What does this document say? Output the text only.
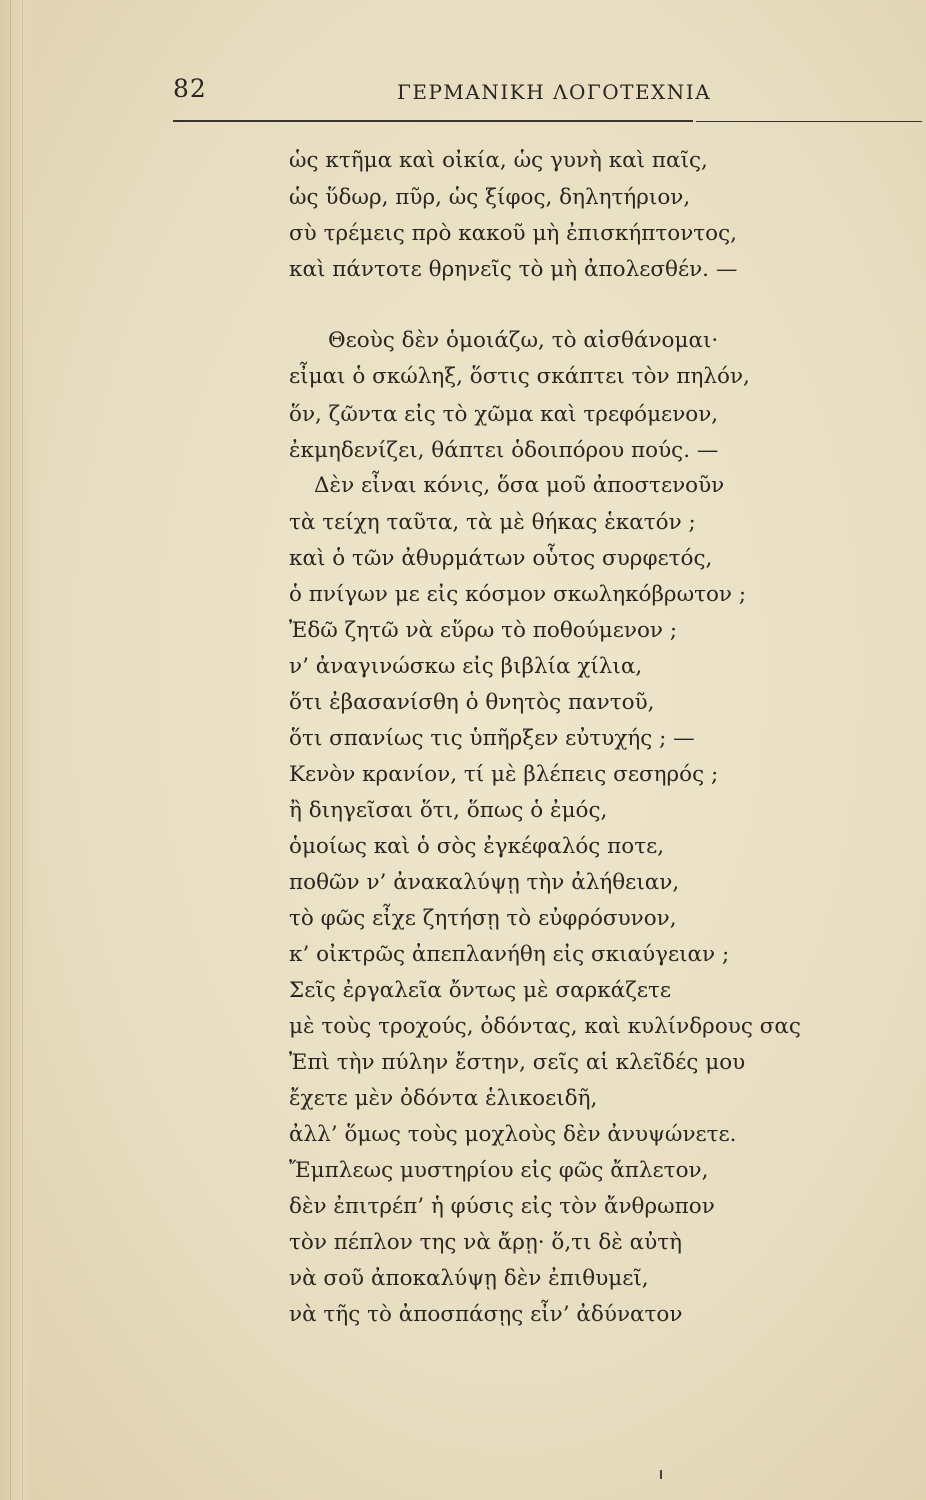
82	ΓΕΡΜΑΝΙΚΗ ΛΟΓΟΤΕΧΝΙΑ
ὡς κτῆμα καὶ οἰκία, ὡς γυνὴ καὶ παῖς,
ὡς ὕδωρ, πῦρ, ὡς ξίφος, δηλητήριον,
σὺ τρέμεις πρὸ κακοῦ μὴ ἐπισκήπτοντος,
καὶ πάντοτε θρηνεῖς τὸ μὴ ἀπολεσθέν. —
Θεοὺς δὲν ὁμοιάζω, τὸ αἰσθάνομαι·
εἶμαι ὁ σκώληξ, ὅστις σκάπτει τὸν πηλόν,
ὅν, ζῶντα εἰς τὸ χῶμα καὶ τρεφόμενον,
ἐκμηδενίζει, θάπτει ὁδοιπόρου πούς. —
Δὲν εἶναι κόνις, ὅσα μοῦ ἀποστενοῦν
τὰ τείχη ταῦτα, τὰ μὲ θήκας ἑκατόν ;
καὶ ὁ τῶν ἀθυρμάτων οὗτος συρφετός,
ὁ πνίγων με εἰς κόσμον σκωληκόβρωτον ;
Ἐδῶ ζητῶ νὰ εὕρω τὸ ποθούμενον ;
ν’ ἀναγινώσκω εἰς βιβλία χίλια,
ὅτι ἐβασανίσθη ὁ θνητὸς παντοῦ,
ὅτι σπανίως τις ὑπῆρξεν εὐτυχής ; —
Κενὸν κρανίον, τί μὲ βλέπεις σεσηρός ;
ἢ διηγεῖσαι ὅτι, ὅπως ὁ ἐμός,
ὁμοίως καὶ ὁ σὸς ἐγκέφαλός ποτε,
ποθῶν ν’ ἀνακαλύψῃ τὴν ἀλήθειαν,
τὸ φῶς εἶχε ζητήσῃ τὸ εὐφρόσυνον,
κ’ οἰκτρῶς ἀπεπλανήθη εἰς σκιαύγειαν ;
Σεῖς ἐργαλεῖα ὄντως μὲ σαρκάζετε
μὲ τοὺς τροχούς, ὀδόντας, καὶ κυλίνδρους σας
Ἐπὶ τὴν πύλην ἔστην, σεῖς αἱ κλεῖδές μου
ἔχετε μὲν ὀδόντα ἑλικοειδῆ,
ἀλλ’ ὅμως τοὺς μοχλοὺς δὲν ἀνυψώνετε.
Ἔμπλεως μυστηρίου εἰς φῶς ἄπλετον,
δὲν ἐπιτρέπ’ ἡ φύσις εἰς τὸν ἄνθρωπον
τὸν πέπλον της νὰ ἄρῃ· ὅ,τι δὲ αὐτὴ
νὰ σοῦ ἀποκαλύψῃ δὲν ἐπιθυμεῖ,
νὰ τῆς τὸ ἀποσπάσῃς εἶν’ ἀδύνατον
